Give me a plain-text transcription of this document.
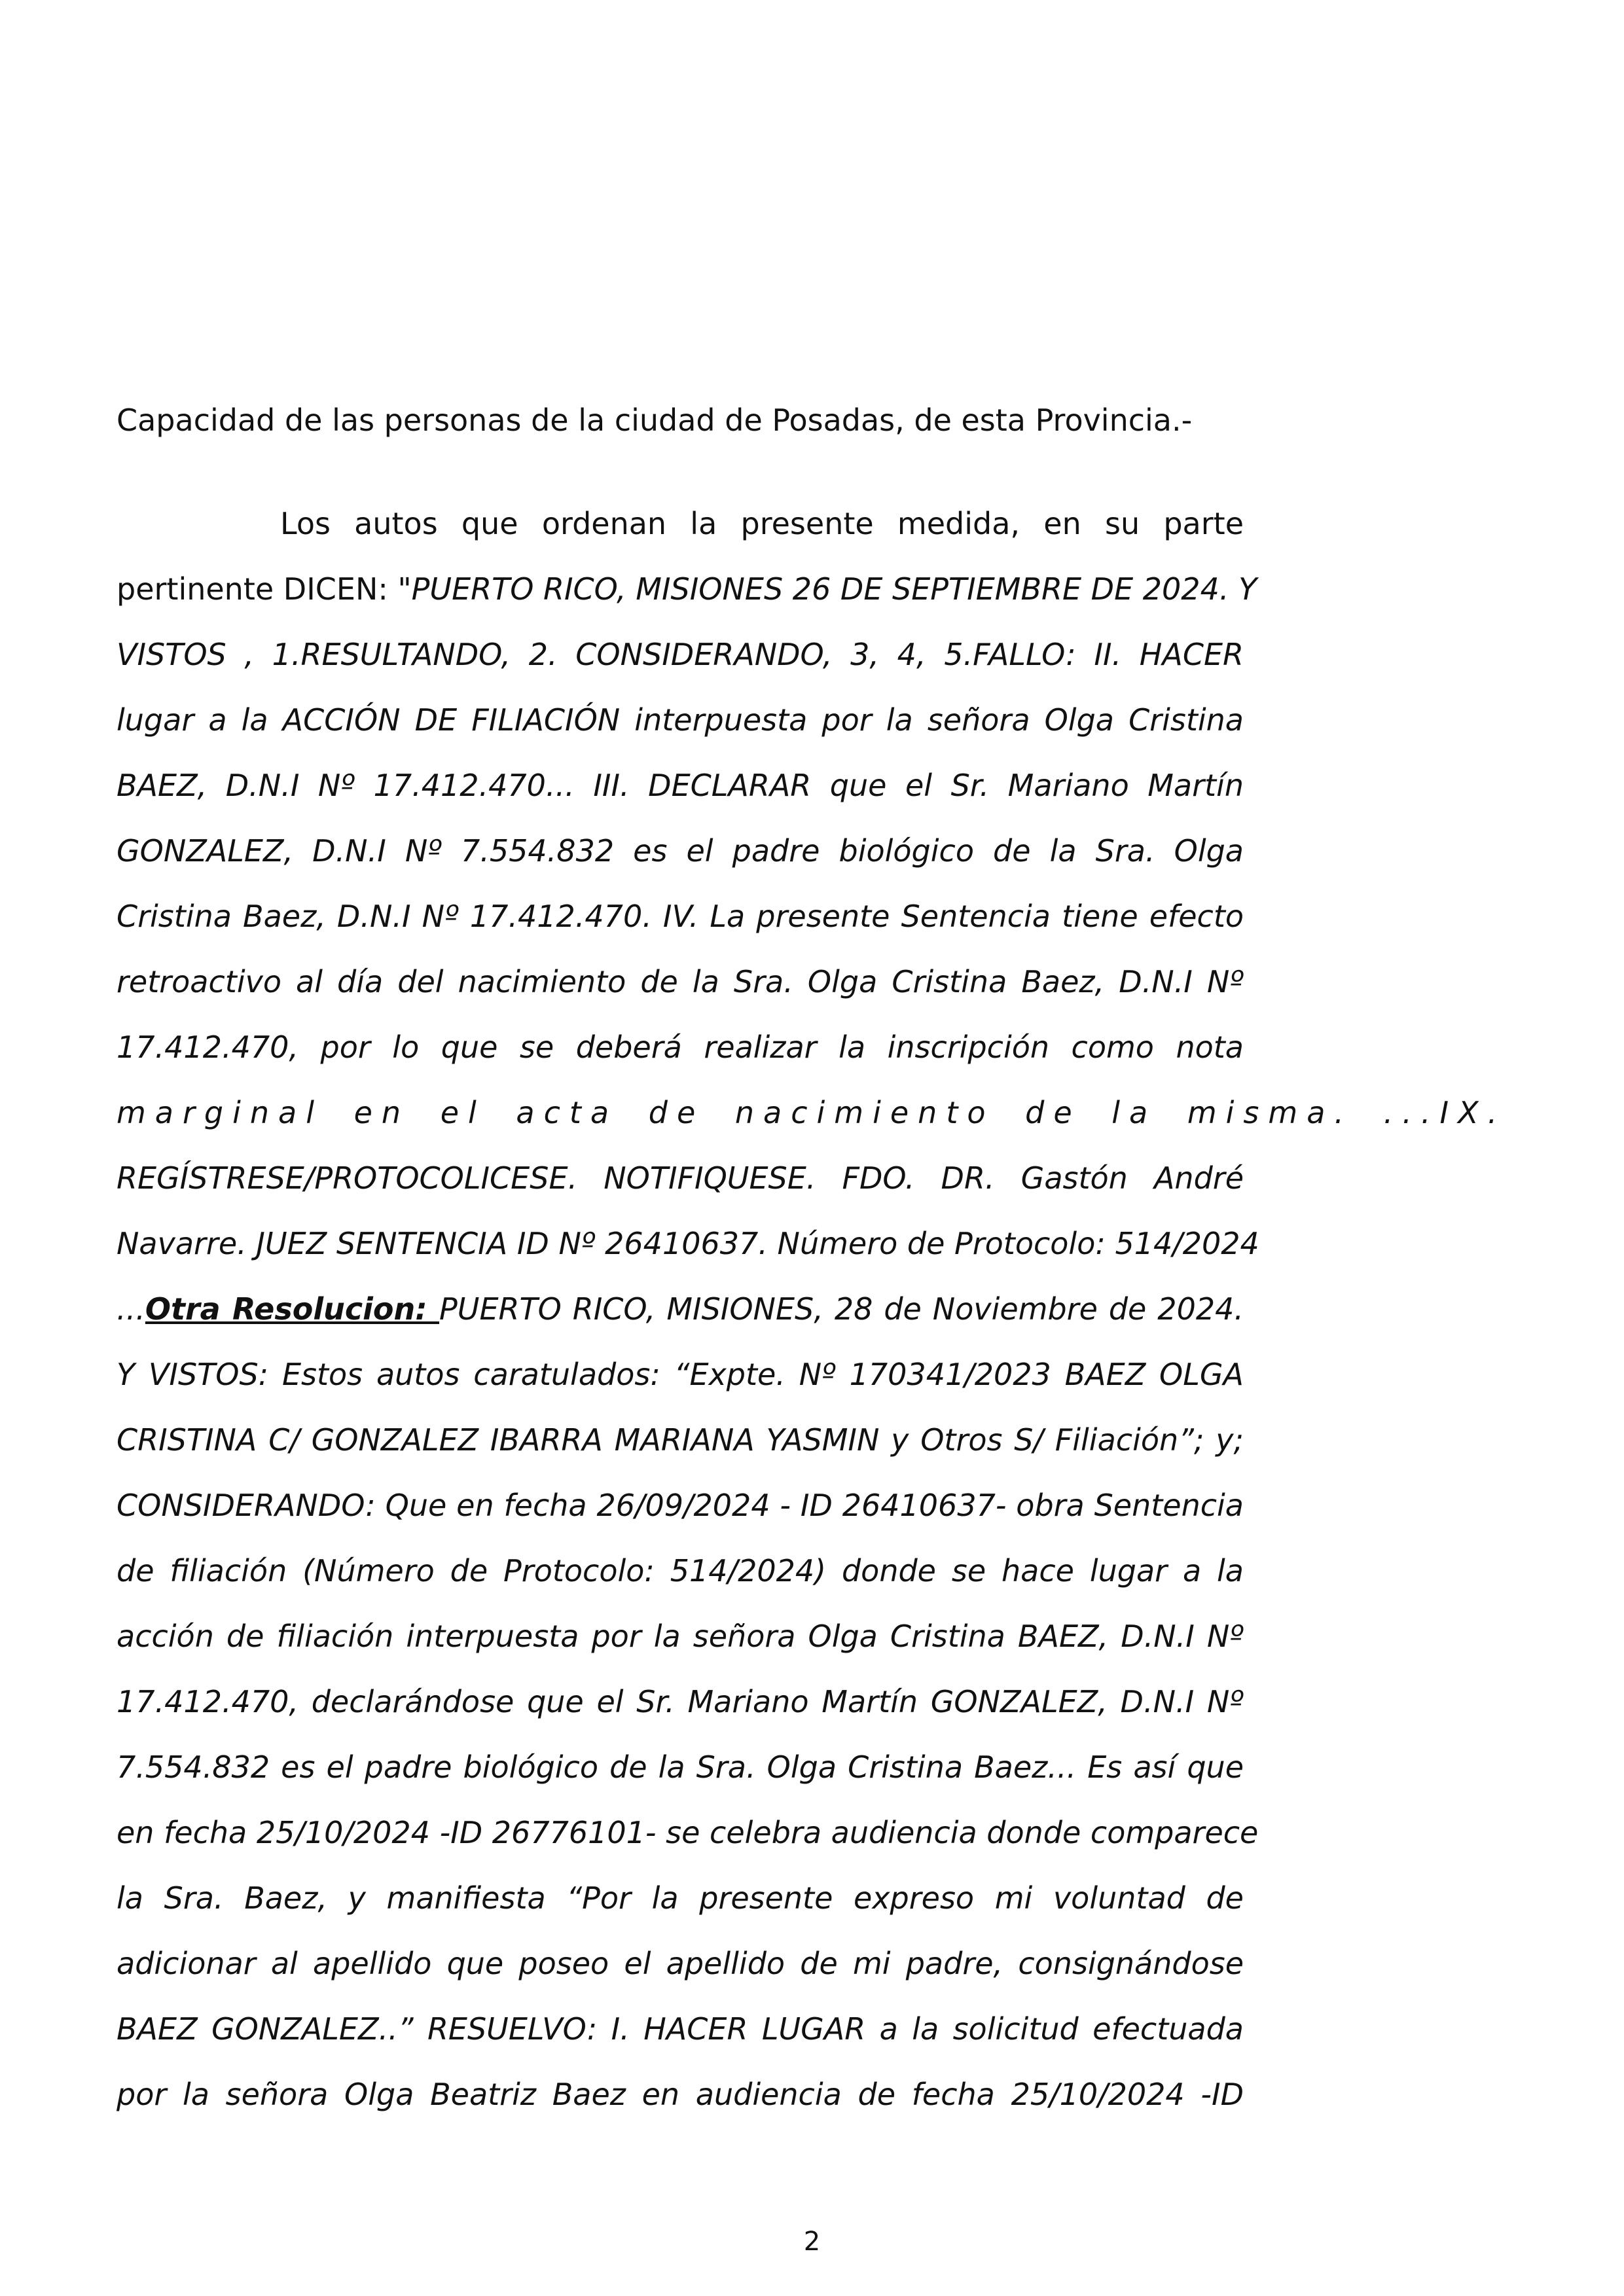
Capacidad de las personas de la ciudad de Posadas, de esta Provincia.-
Los autos que ordenan la presente medida, en su parte
pertinente DICEN: "PUERTO RICO, MISIONES 26 DE SEPTIEMBRE DE 2024. Y
VISTOS , 1.RESULTANDO, 2. CONSIDERANDO, 3, 4, 5.FALLO: II. HACER
lugar a la ACCIÓN DE FILIACIÓN interpuesta por la señora Olga Cristina
BAEZ, D.N.I Nº 17.412.470... III. DECLARAR que el Sr. Mariano Martín
GONZALEZ, D.N.I Nº 7.554.832 es el padre biológico de la Sra. Olga
Cristina Baez, D.N.I Nº 17.412.470. IV. La presente Sentencia tiene efecto
retroactivo al día del nacimiento de la Sra. Olga Cristina Baez, D.N.I Nº
17.412.470, por lo que se deberá realizar la inscripción como nota
marginal en el acta de nacimiento de la misma. ...IX.
REGÍSTRESE/PROTOCOLICESE. NOTIFIQUESE. FDO. DR. Gastón André
Navarre. JUEZ SENTENCIA ID Nº 26410637. Número de Protocolo: 514/2024
...Otra Resolucion: PUERTO RICO, MISIONES, 28 de Noviembre de 2024.
Y VISTOS: Estos autos caratulados: “Expte. Nº 170341/2023 BAEZ OLGA
CRISTINA C/ GONZALEZ IBARRA MARIANA YASMIN y Otros S/ Filiación”; y;
CONSIDERANDO: Que en fecha 26/09/2024 - ID 26410637- obra Sentencia
de filiación (Número de Protocolo: 514/2024) donde se hace lugar a la
acción de filiación interpuesta por la señora Olga Cristina BAEZ, D.N.I Nº
17.412.470, declarándose que el Sr. Mariano Martín GONZALEZ, D.N.I Nº
7.554.832 es el padre biológico de la Sra. Olga Cristina Baez... Es así que
en fecha 25/10/2024 -ID 26776101- se celebra audiencia donde comparece
la Sra. Baez, y manifiesta “Por la presente expreso mi voluntad de
adicionar al apellido que poseo el apellido de mi padre, consignándose
BAEZ GONZALEZ..” RESUELVO: I. HACER LUGAR a la solicitud efectuada
por la señora Olga Beatriz Baez en audiencia de fecha 25/10/2024 -ID
2
